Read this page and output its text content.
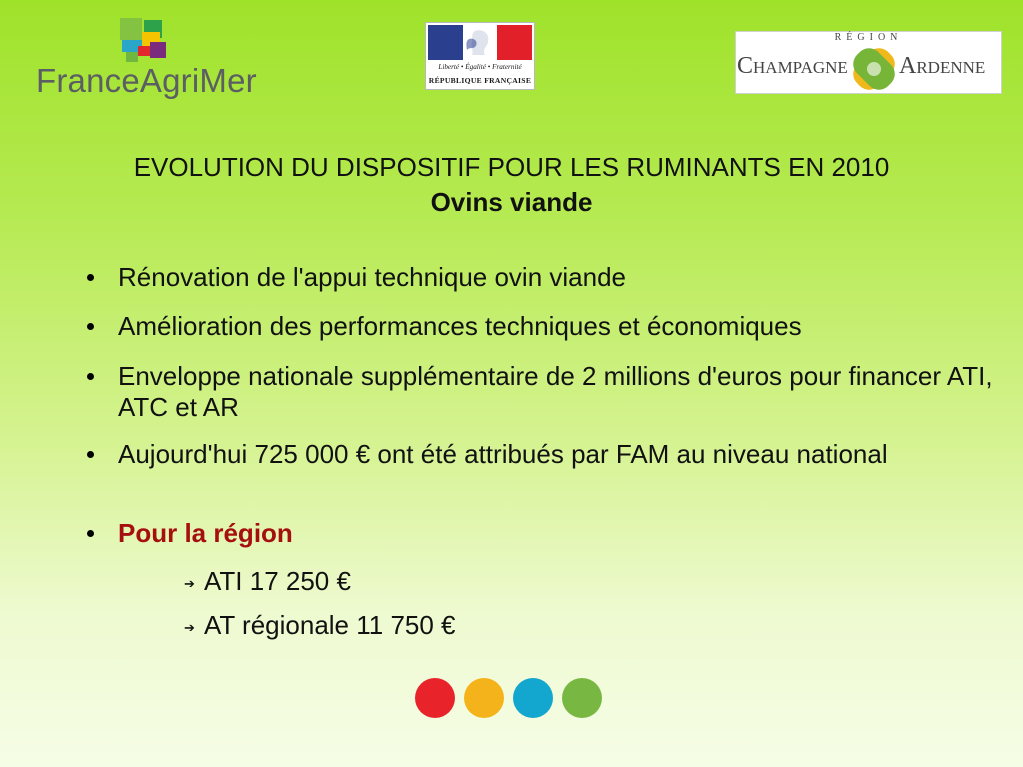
FranceAgriMer	Liberté • Égalité • Fraternité
RÉPUBLIQUE FRANÇAISE
RÉGION
CHAMPAGNE ARDENNE
EVOLUTION DU DISPOSITIF POUR LES RUMINANTS EN 2010
Ovins viande
Rénovation de l'appui technique ovin viande
Amélioration des performances techniques et économiques
Enveloppe nationale supplémentaire de 2 millions d'euros pour financer ATI, ATC et AR
Aujourd'hui 725 000 € ont été attribués par FAM au niveau national
Pour la région
➔ ATI 17 250 €
➔ AT régionale 11 750 €
